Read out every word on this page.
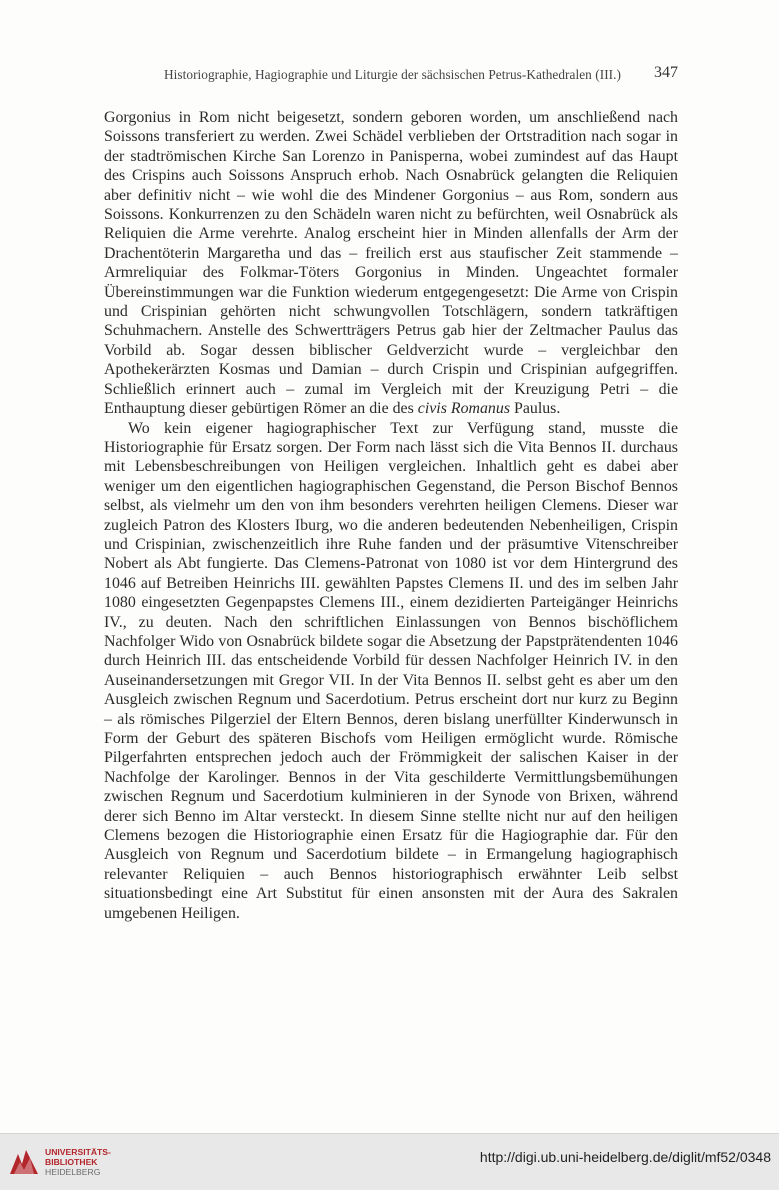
Historiographie, Hagiographie und Liturgie der sächsischen Petrus-Kathedralen (III.) 347

Gorgonius in Rom nicht beigesetzt, sondern geboren worden, um anschließend nach Soissons transferiert zu werden. Zwei Schädel verblieben der Ortstradition nach sogar in der stadtrömischen Kirche San Lorenzo in Panisperna, wobei zumindest auf das Haupt des Crispins auch Soissons Anspruch erhob. Nach Osnabrück gelangten die Reliquien aber definitiv nicht – wie wohl die des Mindener Gorgonius – aus Rom, sondern aus Soissons. Konkurrenzen zu den Schädeln waren nicht zu befürchten, weil Osnabrück als Reliquien die Arme verehrte. Analog erscheint hier in Minden allenfalls der Arm der Drachentöterin Margaretha und das – freilich erst aus staufischer Zeit stammende – Armreliquiar des Folkmar-Töters Gorgonius in Minden. Ungeachtet formaler Übereinstimmungen war die Funktion wiederum entgegengesetzt: Die Arme von Crispin und Crispinian gehörten nicht schwungvollen Totschlägern, sondern tatkräftigen Schuhmachern. Anstelle des Schwertträgers Petrus gab hier der Zeltmacher Paulus das Vorbild ab. Sogar dessen biblischer Geldverzicht wurde – vergleichbar den Apothekerärzten Kosmas und Damian – durch Crispin und Crispinian aufgegriffen. Schließlich erinnert auch – zumal im Vergleich mit der Kreuzigung Petri – die Enthauptung dieser gebürtigen Römer an die des civis Romanus Paulus.

Wo kein eigener hagiographischer Text zur Verfügung stand, musste die Historiographie für Ersatz sorgen. Der Form nach lässt sich die Vita Bennos II. durchaus mit Lebensbeschreibungen von Heiligen vergleichen. Inhaltlich geht es dabei aber weniger um den eigentlichen hagiographischen Gegenstand, die Person Bischof Bennos selbst, als vielmehr um den von ihm besonders verehrten heiligen Clemens. Dieser war zugleich Patron des Klosters Iburg, wo die anderen bedeutenden Nebenheiligen, Crispin und Crispinian, zwischenzeitlich ihre Ruhe fanden und der präsumtive Vitenschreiber Nobert als Abt fungierte. Das Clemens-Patronat von 1080 ist vor dem Hintergrund des 1046 auf Betreiben Heinrichs III. gewählten Papstes Clemens II. und des im selben Jahr 1080 eingesetzten Gegenpapstes Clemens III., einem dezidierten Parteigänger Heinrichs IV., zu deuten. Nach den schriftlichen Einlassungen von Bennos bischöflichem Nachfolger Wido von Osnabrück bildete sogar die Absetzung der Papstprätendenten 1046 durch Heinrich III. das entscheidende Vorbild für dessen Nachfolger Heinrich IV. in den Auseinandersetzungen mit Gregor VII. In der Vita Bennos II. selbst geht es aber um den Ausgleich zwischen Regnum und Sacerdotium. Petrus erscheint dort nur kurz zu Beginn – als römisches Pilgerziel der Eltern Bennos, deren bislang unerfüllter Kinderwunsch in Form der Geburt des späteren Bischofs vom Heiligen ermöglicht wurde. Römische Pilgerfahrten entsprechen jedoch auch der Frömmigkeit der salischen Kaiser in der Nachfolge der Karolinger. Bennos in der Vita geschilderte Vermittlungsbemühungen zwischen Regnum und Sacerdotium kulminieren in der Synode von Brixen, während derer sich Benno im Altar versteckt. In diesem Sinne stellte nicht nur auf den heiligen Clemens bezogen die Historiographie einen Ersatz für die Hagiographie dar. Für den Ausgleich von Regnum und Sacerdotium bildete – in Ermangelung hagiographisch relevanter Reliquien – auch Bennos historiographisch erwähnter Leib selbst situationsbedingt eine Art Substitut für einen ansonsten mit der Aura des Sakralen umgebenen Heiligen.

UNIVERSITÄTS-
BIBLIOTHEK
HEIDELBERG
http://digi.ub.uni-heidelberg.de/diglit/mf52/0348
